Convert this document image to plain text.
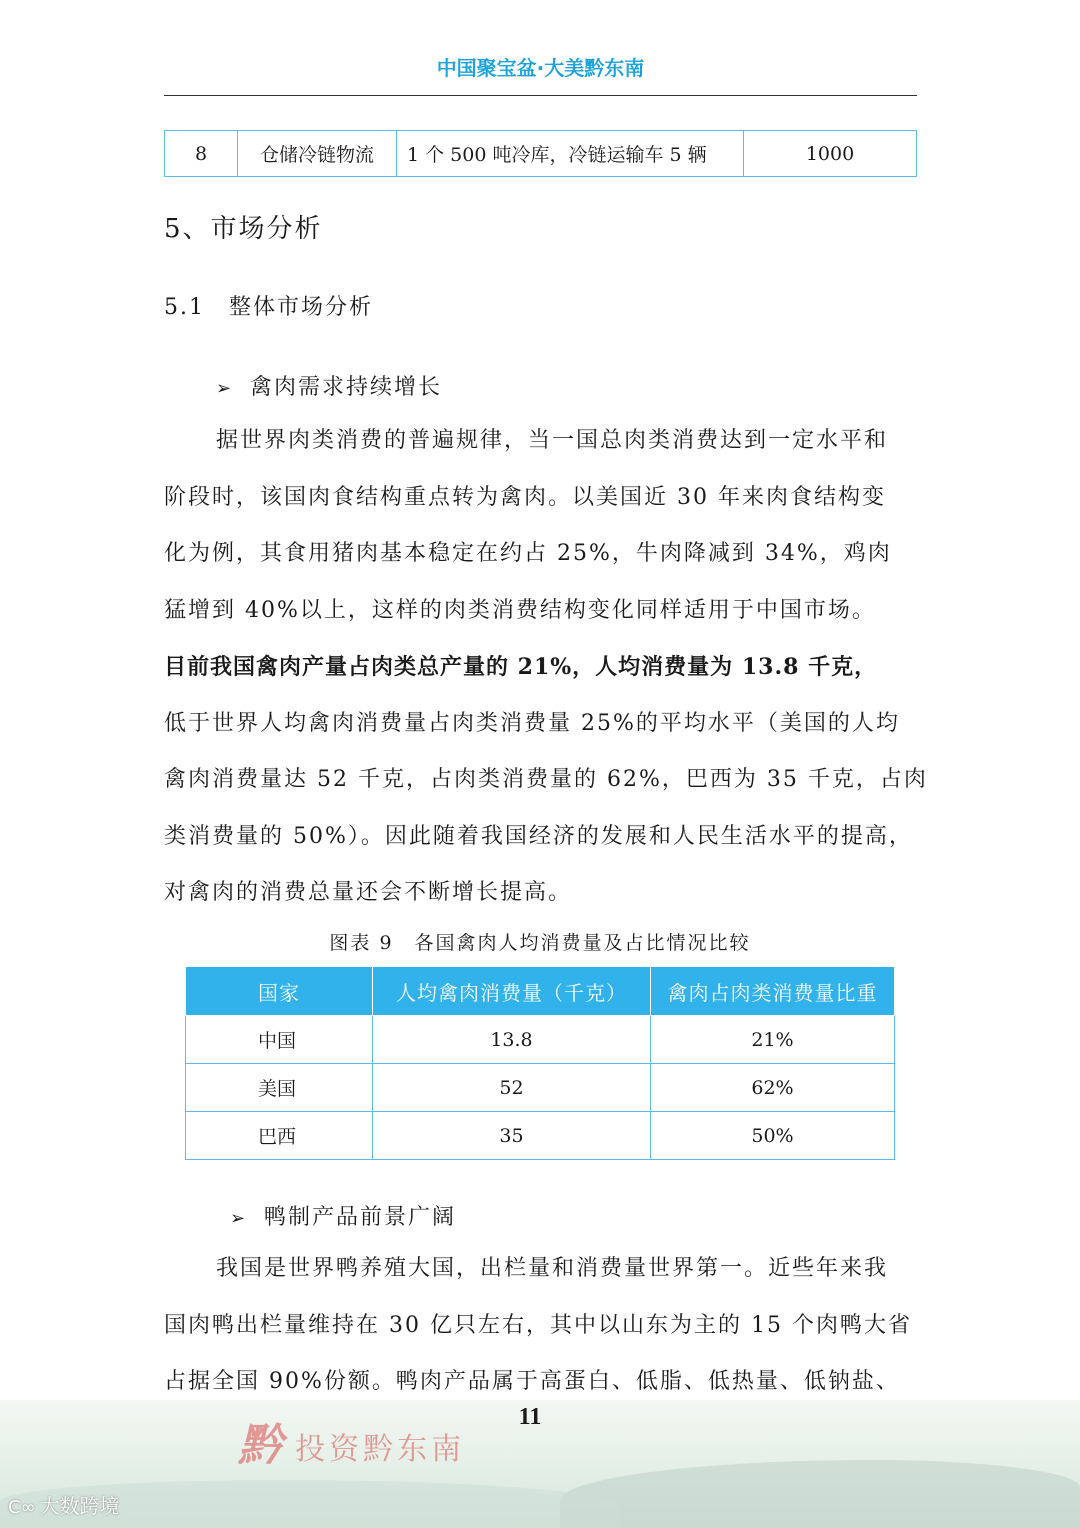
中国聚宝盆·大美黔东南
8	仓储冷链物流	1 个 500 吨冷库，冷链运输车 5 辆	1000
5、市场分析
5.1　整体市场分析
➢ 禽肉需求持续增长
据世界肉类消费的普遍规律，当一国总肉类消费达到一定水平和
阶段时，该国肉食结构重点转为禽肉。以美国近 30 年来肉食结构变
化为例，其食用猪肉基本稳定在约占 25%，牛肉降减到 34%，鸡肉
猛增到 40%以上，这样的肉类消费结构变化同样适用于中国市场。
目前我国禽肉产量占肉类总产量的 21%，人均消费量为 13.8 千克，
低于世界人均禽肉消费量占肉类消费量 25%的平均水平（美国的人均
禽肉消费量达 52 千克，占肉类消费量的 62%，巴西为 35 千克，占肉
类消费量的 50%）。因此随着我国经济的发展和人民生活水平的提高，
对禽肉的消费总量还会不断增长提高。
图表 9　各国禽肉人均消费量及占比情况比较
国家	人均禽肉消费量（千克）	禽肉占肉类消费量比重
中国	13.8	21%
美国	52	62%
巴西	35	50%
➢ 鸭制产品前景广阔
我国是世界鸭养殖大国，出栏量和消费量世界第一。近些年来我
国肉鸭出栏量维持在 30 亿只左右，其中以山东为主的 15 个肉鸭大省
占据全国 90%份额。鸭肉产品属于高蛋白、低脂、低热量、低钠盐、
11
黔 投资黔东南
C∞ 大数跨境
